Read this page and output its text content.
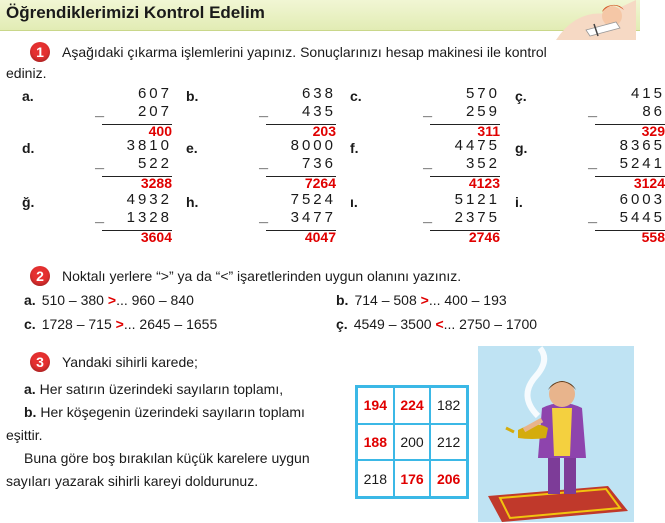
Öğrendiklerimizi Kontrol Edelim
1	Aşağıdaki çıkarma işlemlerini yapınız. Sonuçlarınızı hesap makinesi ile kontrol
ediniz.
a.	607
_	207
400
b.	638
_	435
203
c.	570
_	259
311
ç.	415
_	86
329
d.	3810
_	522
3288
e.	8000
_	736
7264
f.	4475
_	352
4123
g.	8365
_	5241
3124
ğ.	4932
_	1328
3604
h.	7524
_	3477
4047
ı.	5121
_	2375
2746
i.	6003
_	5445
558
2	Noktalı yerlere “>” ya da “<” işaretlerinden uygun olanını yazınız.
a. 510 – 380 >... 960 – 840	b. 714 – 508 >... 400 – 193
c. 1728 – 715 >... 2645 – 1655	ç. 4549 – 3500 <... 2750 – 1700
3	Yandaki sihirli karede;
a. Her satırın üzerindeki sayıların toplamı,
b. Her köşegenin üzerindeki sayıların toplamı
eşittir.
Buna göre boş bırakılan küçük karelere uygun
sayıları yazarak sihirli kareyi doldurunuz.
194 224 182
188 200 212
218 176 206
